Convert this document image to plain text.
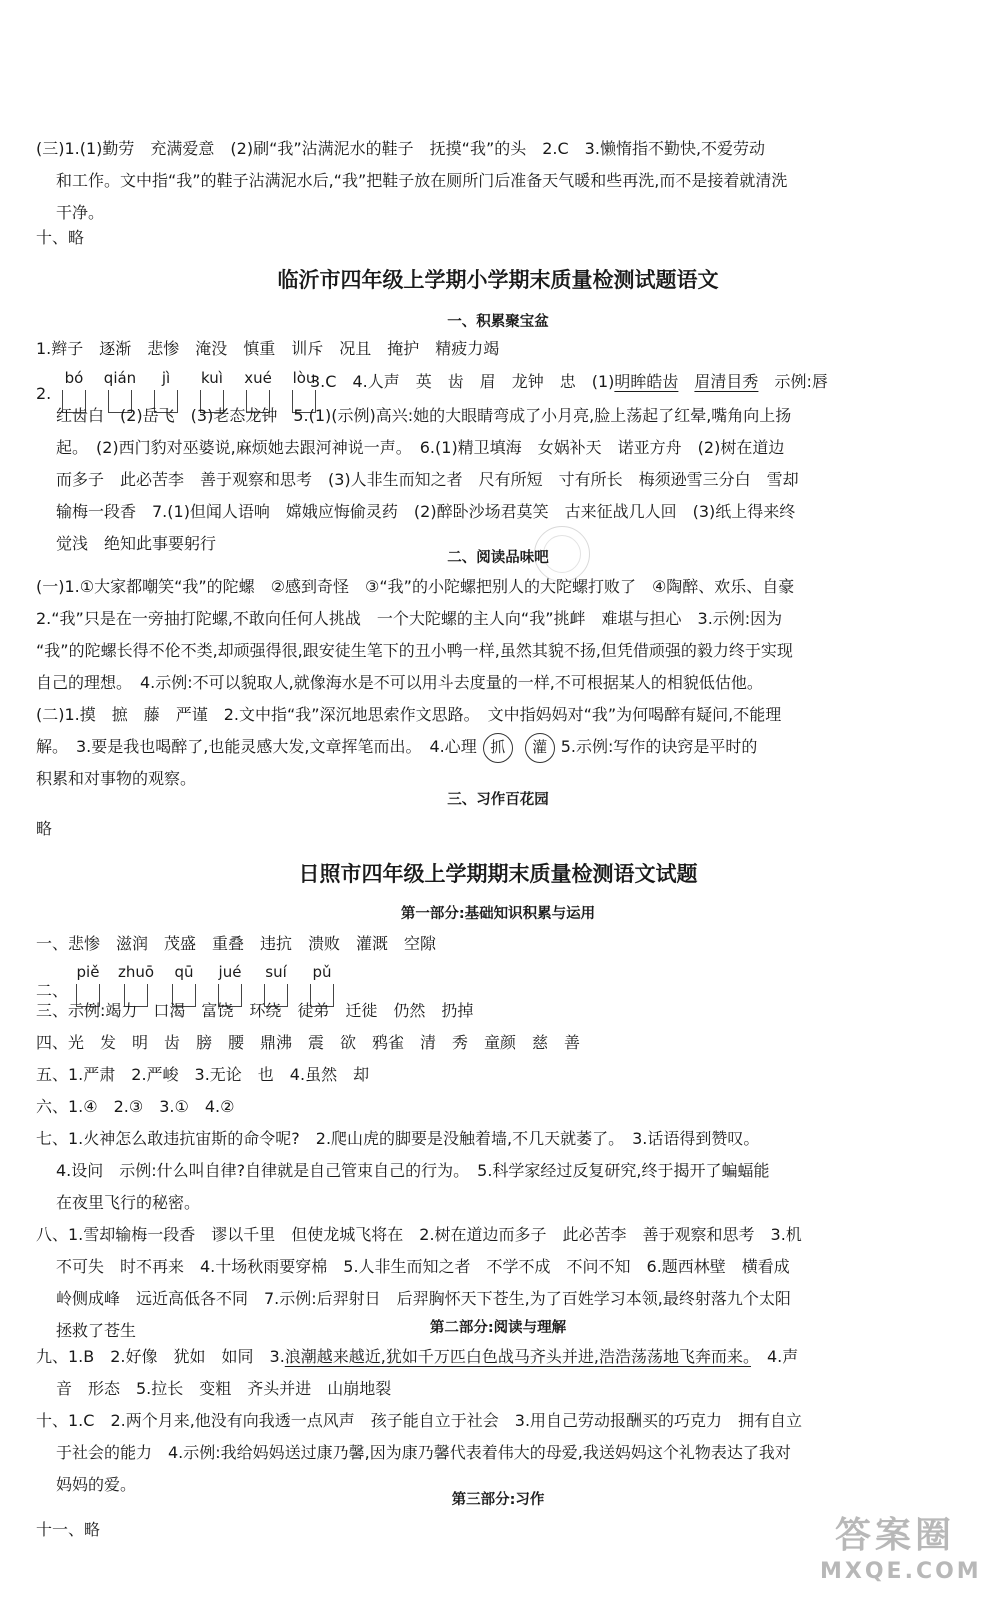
(三)1.(1)勤劳　充满爱意　(2)刷“我”沾满泥水的鞋子　抚摸“我”的头　2.C　3.懒惰指不勤快,不爱劳动

和工作。文中指“我”的鞋子沾满泥水后,“我”把鞋子放在厕所门后准备天气暖和些再洗,而不是接着就清洗

干净。

十、略

临沂市四年级上学期小学期末质量检测试题语文
一、积累聚宝盆

1.辫子　逐渐　悲惨　淹没　慎重　训斥　况且　掩护　精疲力竭

2.
bó	qián	jì	kuì	xué	lòu

3.C　4.人声　英　齿　眉　龙钟　忠　(1)明眸皓齿　 眉清目秀　 示例:唇

红齿白　(2)岳飞　(3)老态龙钟　5.(1)(示例)高兴:她的大眼睛弯成了小月亮,脸上荡起了红晕,嘴角向上扬

起。　(2)西门豹对巫婆说,麻烦她去跟河神说一声。　6.(1)精卫填海　女娲补天　诺亚方舟　(2)树在道边

而多子　此必苦李　善于观察和思考　(3)人非生而知之者　尺有所短　寸有所长　梅须逊雪三分白　雪却

输梅一段香　7.(1)但闻人语响　嫦娥应悔偷灵药　(2)醉卧沙场君莫笑　古来征战几人回　(3)纸上得来终

觉浅　绝知此事要躬行

二、阅读品味吧

(一)1.①大家都嘲笑“我”的陀螺　②感到奇怪　③“我”的小陀螺把别人的大陀螺打败了　④陶醉、欢乐、自豪

2.“我”只是在一旁抽打陀螺,不敢向任何人挑战　一个大陀螺的主人向“我”挑衅　难堪与担心　3.示例:因为

“我”的陀螺长得不伦不类,却顽强得很,跟安徒生笔下的丑小鸭一样,虽然其貌不扬,但凭借顽强的毅力终于实现

自己的理想。　4.示例:不可以貌取人,就像海水是不可以用斗去度量的一样,不可根据某人的相貌低估他。

(二)1.摸　摭　藤　严谨　2.文中指“我”深沉地思索作文思路。　文中指妈妈对“我”为何喝醉有疑问,不能理

解。　3.要是我也喝醉了,也能灵感大发,文章挥笔而出。　4.心理 抓 灌 5.示例:写作的诀窍是平时的

积累和对事物的观察。

三、习作百花园

略

日照市四年级上学期期末质量检测语文试题
第一部分:基础知识积累与运用

一、悲惨　滋润　茂盛　重叠　违抗　溃败　灌溉　空隙

二、
piě	zhuō	qū	jué	suí	pǔ

三、示例:竭力　口渴　富饶　环绕　徒弟　迁徙　仍然　扔掉

四、光　发　明　齿　膀　腰　鼎沸　震　欲　鸦雀　清　秀　童颜　慈　善

五、1.严肃　2.严峻　3.无论　也　4.虽然　却

六、1.④　2.③　3.①　4.②

七、1.火神怎么敢违抗宙斯的命令呢?　2.爬山虎的脚要是没触着墙,不几天就萎了。　3.话语得到赞叹。

4.设问　示例:什么叫自律?自律就是自己管束自己的行为。　5.科学家经过反复研究,终于揭开了蝙蝠能

在夜里飞行的秘密。

八、1.雪却输梅一段香　谬以千里　但使龙城飞将在　2.树在道边而多子　此必苦李　善于观察和思考　3.机

不可失　时不再来　4.十场秋雨要穿棉　5.人非生而知之者　不学不成　不问不知　6.题西林壁　横看成

岭侧成峰　远近高低各不同　7.示例:后羿射日　后羿胸怀天下苍生,为了百姓学习本领,最终射落九个太阳

拯救了苍生	第二部分:阅读与理解

九、1.B　2.好像　犹如　如同　3.浪潮越来越近,犹如千万匹白色战马齐头并进,浩浩荡荡地飞奔而来。　 4.声

音　形态　5.拉长　变粗　齐头并进　山崩地裂

十、1.C　2.两个月来,他没有向我透一点风声　孩子能自立于社会　3.用自己劳动报酬买的巧克力　拥有自立

于社会的能力　4.示例:我给妈妈送过康乃馨,因为康乃馨代表着伟大的母爱,我送妈妈这个礼物表达了我对

妈妈的爱。

第三部分:习作

十一、略	答案圈
MXQE.COM
